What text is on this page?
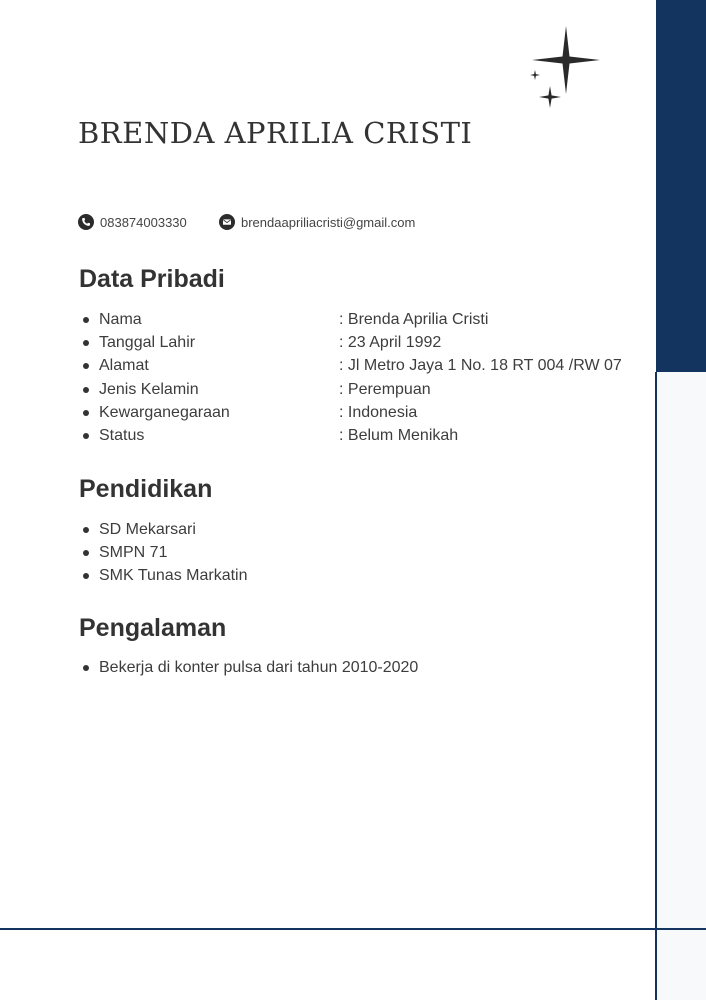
BRENDA APRILIA CRISTI
083874003330	brendaapriliacristi@gmail.com
Data Pribadi
Nama
Tanggal Lahir
Alamat
Jenis Kelamin
Kewarganegaraan
Status
: Brenda Aprilia Cristi
: 23 April 1992
: Jl Metro Jaya 1 No. 18 RT 004 /RW 07
: Perempuan
: Indonesia
: Belum Menikah
Pendidikan
SD Mekarsari
SMPN 71
SMK Tunas Markatin
Pengalaman
Bekerja di konter pulsa dari tahun 2010-2020
